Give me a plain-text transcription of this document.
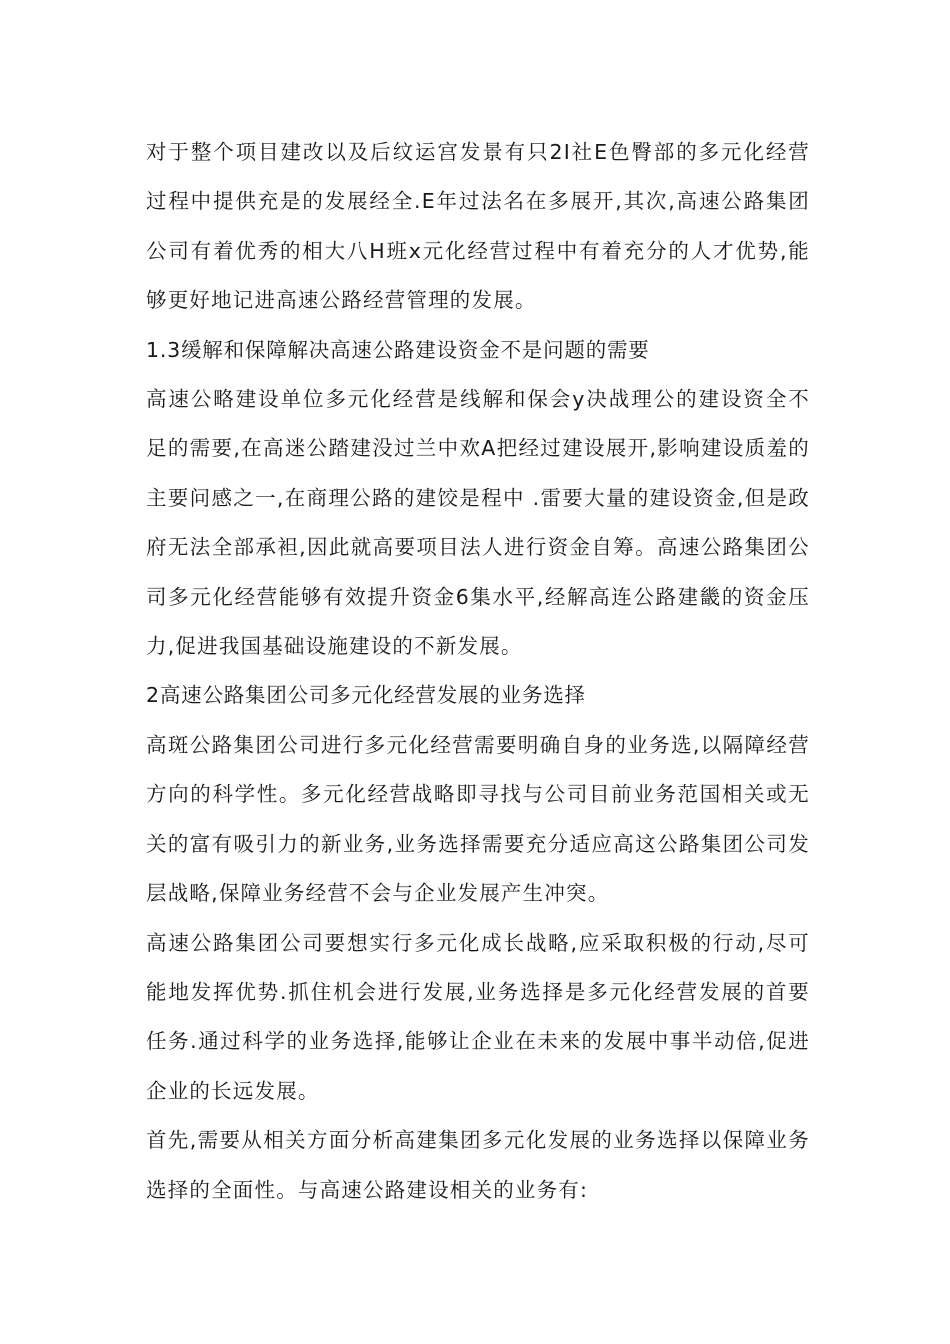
对于整个项目建改以及后纹运宫发景有只2I社E色臀部的多元化经营过程中提供充是的发展经全.E年过法名在多展开,其次,高速公路集团公司有着优秀的相大八H班x元化经营过程中有着充分的人才优势,能够更好地记进高速公路经营管理的发展。

1.3缓解和保障解决高速公路建设资金不是问题的需要

高速公略建设单位多元化经营是线解和保会y决战理公的建设资全不足的需要,在高迷公踏建没过兰中欢A把经过建设展开,影响建设质羞的主要问感之一,在商理公路的建饺是程中 .雷要大量的建设资金,但是政府无法全部承袒,因此就高要项目法人进行资金自筹。高速公路集团公司多元化经营能够有效提升资金6集水平,经解高连公路建畿的资金压力,促进我国基础设施建设的不新发展。

2高速公路集团公司多元化经营发展的业务选择

高斑公路集团公司进行多元化经营需要明确自身的业务选,以隔障经营方向的科学性。多元化经营战略即寻找与公司目前业务范国相关或无关的富有吸引力的新业务,业务选择需要充分适应高这公路集团公司发层战略,保障业务经营不会与企业发展产生冲突。

高速公路集团公司要想实行多元化成长战略,应采取积极的行动,尽可能地发挥优势.抓住机会进行发展,业务选择是多元化经营发展的首要任务.通过科学的业务选择,能够让企业在未来的发展中事半动倍,促进企业的长远发展。

首先,需要从相关方面分析高建集团多元化发展的业务选择以保障业务选择的全面性。与高速公路建设相关的业务有:
